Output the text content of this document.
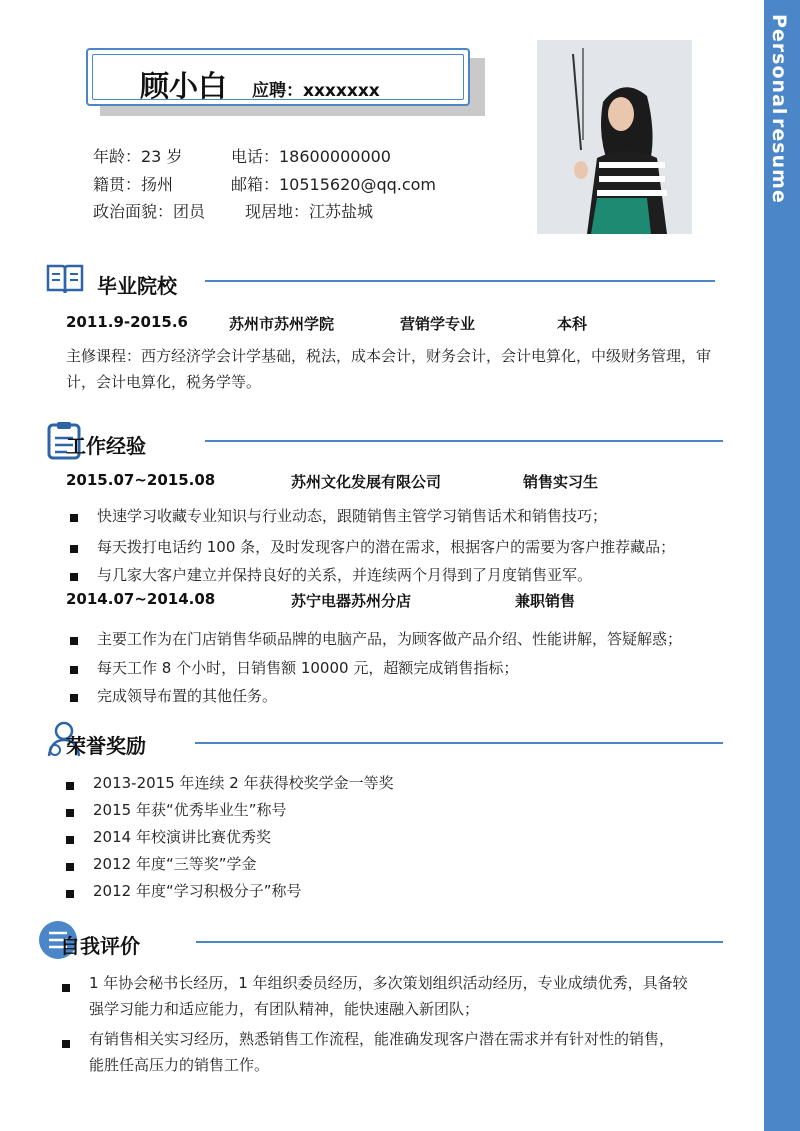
Personal
resume
顾小白 应聘：xxxxxxx
年龄：23 岁	电话：18600000000
籍贯：扬州	邮箱：10515620@qq.com
政治面貌：团员 现居地：江苏盐城
毕业院校
2011.9-2015.6	苏州市苏州学院	营销学专业	本科
主修课程：西方经济学会计学基础，税法，成本会计，财务会计，会计电算化，中级财务管理，审
计，会计电算化，税务学等。
工作经验
2015.07~2015.08	苏州文化发展有限公司	销售实习生
快速学习收藏专业知识与行业动态，跟随销售主管学习销售话术和销售技巧；
每天拨打电话约 100 条，及时发现客户的潜在需求，根据客户的需要为客户推荐藏品；
与几家大客户建立并保持良好的关系，并连续两个月得到了月度销售亚军。
2014.07~2014.08	苏宁电器苏州分店	兼职销售
主要工作为在门店销售华硕品牌的电脑产品，为顾客做产品介绍、性能讲解，答疑解惑；
每天工作 8 个小时，日销售额 10000 元，超额完成销售指标；
完成领导布置的其他任务。
荣誉奖励
2013-2015 年连续 2 年获得校奖学金一等奖
2015 年获“优秀毕业生”称号
2014 年校演讲比赛优秀奖
2012 年度“三等奖”学金
2012 年度“学习积极分子”称号
自我评价
1 年协会秘书长经历，1 年组织委员经历，多次策划组织活动经历，专业成绩优秀，具备较
强学习能力和适应能力，有团队精神，能快速融入新团队；
有销售相关实习经历，熟悉销售工作流程，能准确发现客户潜在需求并有针对性的销售，
能胜任高压力的销售工作。
